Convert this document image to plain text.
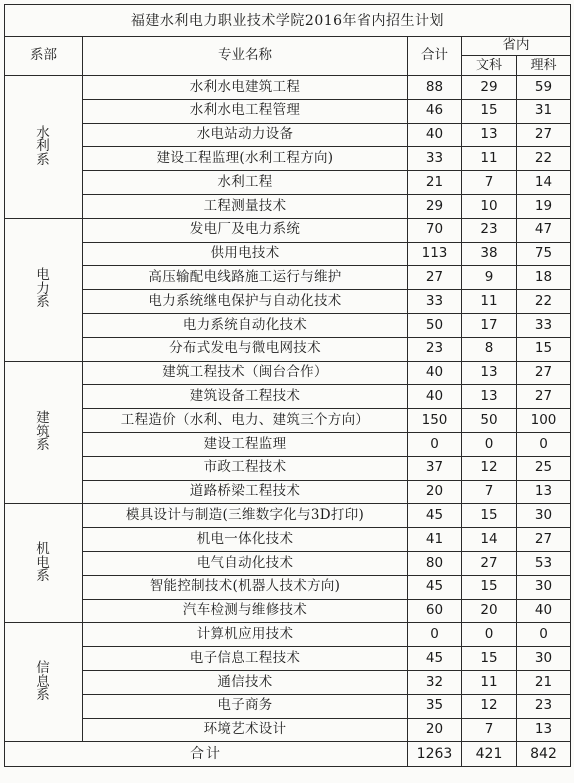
福建水利电力职业技术学院2016年省内招生计划				
系部	专业名称	合计	省内	
			文科	理科
水利系	水利水电建筑工程	88	29	59
	水利水电工程管理	46	15	31
	水电站动力设备	40	13	27
	建设工程监理(水利工程方向)	33	11	22
	水利工程	21	7	14
	工程测量技术	29	10	19
电力系	发电厂及电力系统	70	23	47
	供用电技术	113	38	75
	高压输配电线路施工运行与维护	27	9	18
	电力系统继电保护与自动化技术	33	11	22
	电力系统自动化技术	50	17	33
	分布式发电与微电网技术	23	8	15
建筑系	建筑工程技术（闽台合作）	40	13	27
	建筑设备工程技术	40	13	27
	工程造价（水利、电力、建筑三个方向）	150	50	100
	建设工程监理	0	0	0
	市政工程技术	37	12	25
	道路桥梁工程技术	20	7	13
机电系	模具设计与制造(三维数字化与3D打印)	45	15	30
	机电一体化技术	41	14	27
	电气自动化技术	80	27	53
	智能控制技术(机器人技术方向)	45	15	30
	汽车检测与维修技术	60	20	40
信息系	计算机应用技术	0	0	0
	电子信息工程技术	45	15	30
	通信技术	32	11	21
	电子商务	35	12	23
	环境艺术设计	20	7	13
合计		1263	421	842
